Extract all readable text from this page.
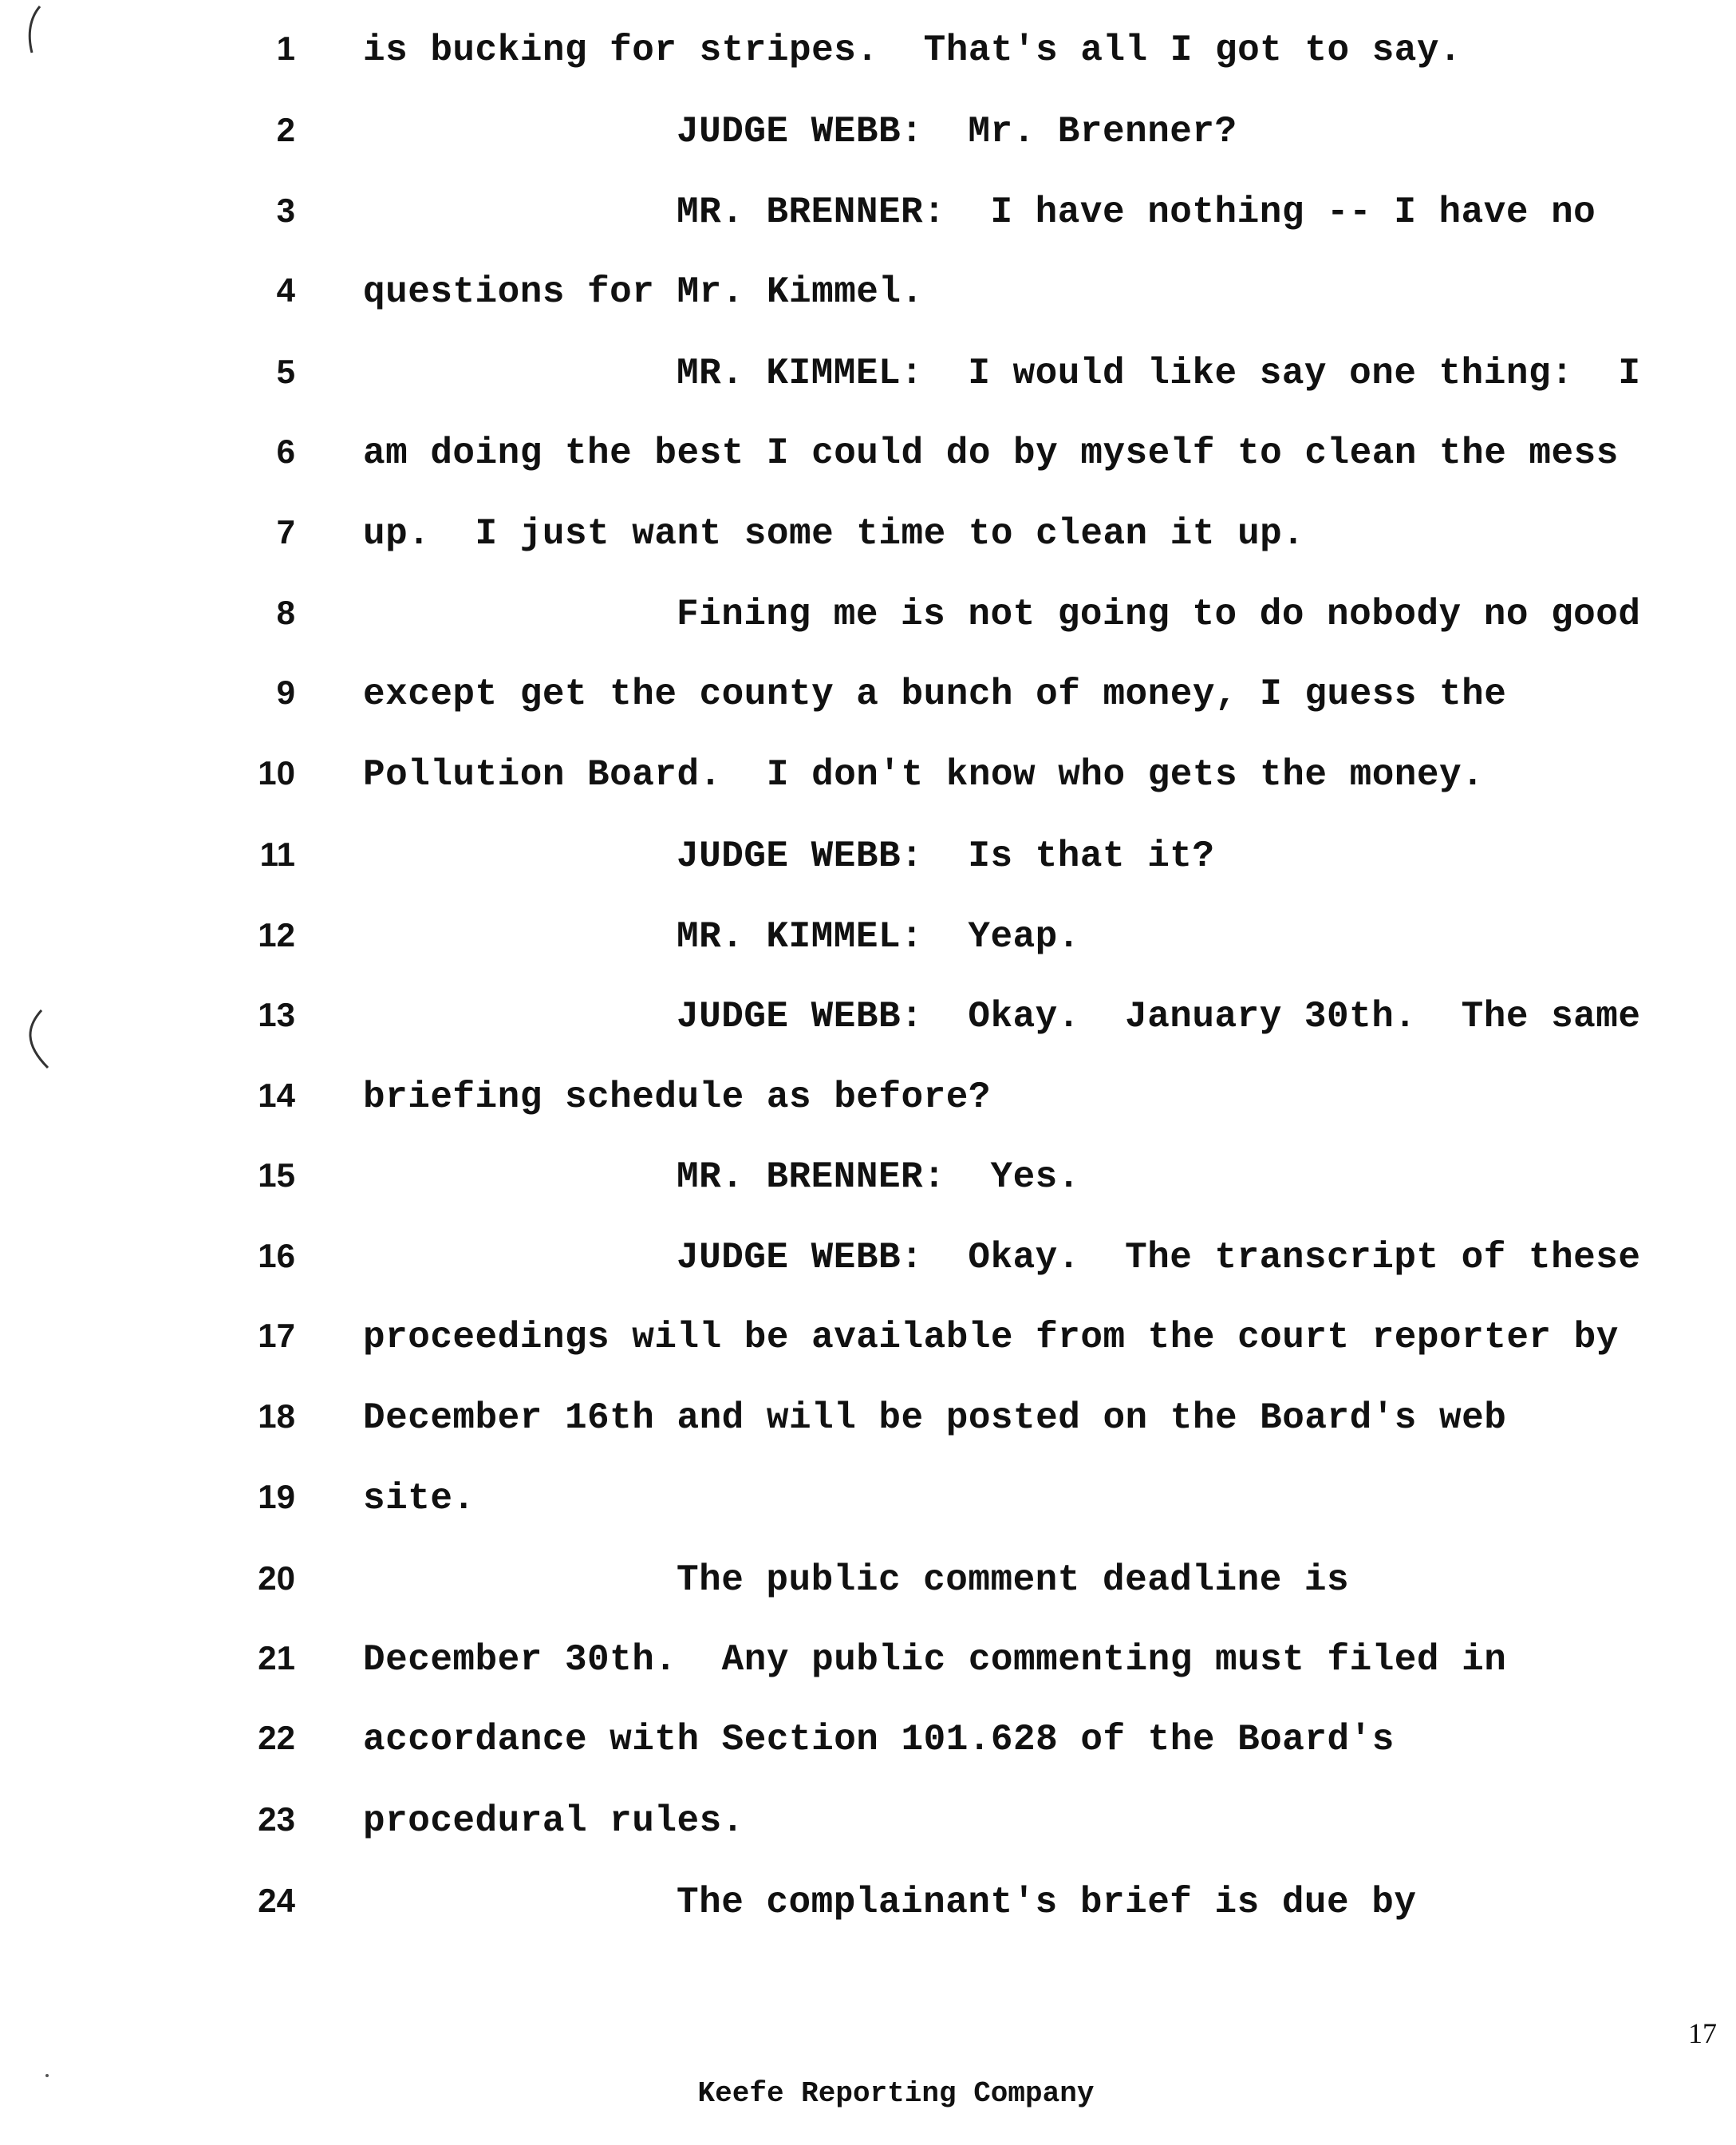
1 is bucking for stripes.  That's all I got to say.
2	JUDGE WEBB:  Mr. Brenner?
3	MR. BRENNER:  I have nothing -- I have no
4 questions for Mr. Kimmel.
5	MR. KIMMEL:  I would like say one thing:  I
6 am doing the best I could do by myself to clean the mess
7 up.  I just want some time to clean it up.
8	Fining me is not going to do nobody no good
9 except get the county a bunch of money, I guess the
10 Pollution Board.  I don't know who gets the money.
11	JUDGE WEBB:  Is that it?
12	MR. KIMMEL:  Yeap.
13	JUDGE WEBB:  Okay.  January 30th.  The same
14 briefing schedule as before?
15	MR. BRENNER:  Yes.
16	JUDGE WEBB:  Okay.  The transcript of these
17 proceedings will be available from the court reporter by
18 December 16th and will be posted on the Board's web
19 site.
20	The public comment deadline is
21 December 30th.  Any public commenting must filed in
22 accordance with Section 101.628 of the Board's
23 procedural rules.
24	The complainant's brief is due by
17
Keefe Reporting Company
